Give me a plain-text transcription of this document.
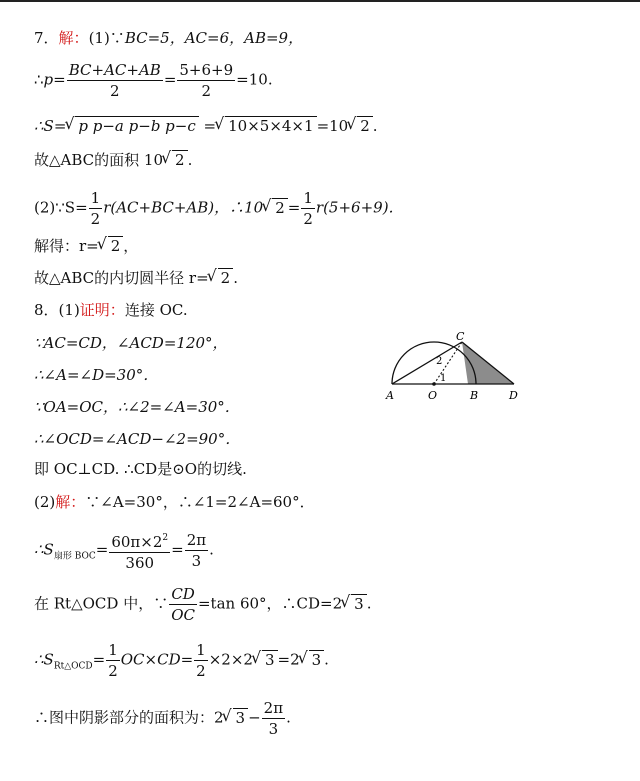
7．解：(1)∵BC=5，AC=6，AB=9，
∴p= $\frac{BC+AC+AB}{2} = \frac{5+6+9}{2} =10$.
∴S=√ p p−a p−b p−c =√ 10×5×4×1 =10√ 2 .
故△ABC的面积 10√ 2 .
(2)∵S= $\frac{1}{2} r(AC+BC+AB)$，∴10√ $2 = \frac{1}{2} r(5+6+9)$．
解得：r=√ 2 ，
故△ABC的内切圆半径 r=√ 2 .
8．(1)证明：连接 OC.
∵AC=CD，∠ACD=120°，
∴∠A=∠D=30°．
∵OA=OC，∴∠2=∠A=30°．
∴∠OCD=∠ACD−∠2=90°．
即 OC⊥CD. ∴CD是⊙O的切线.
(2)解：∵∠A=30°，∴∠1=2∠A=60°．
$\therefore S_{扇形 BOC}= \frac{60\pi\times 2^2}{360} = \frac{2\pi}{3}$ .
在 Rt△OCD 中，∵ $\frac{CD}{OC} =\tan$ 60°，∴CD=2√ 3 .
$\therefore S_{Rt\triangle OCD}= \frac{1}{2} OC\times CD= \frac{1}{2} \times 2\times 2√$ 3 =2√ 3 .
∴图中阴影部分的面积为：2√ $3 - \frac{2\pi}{3}$ .
A	O	B	D
C
1
2
